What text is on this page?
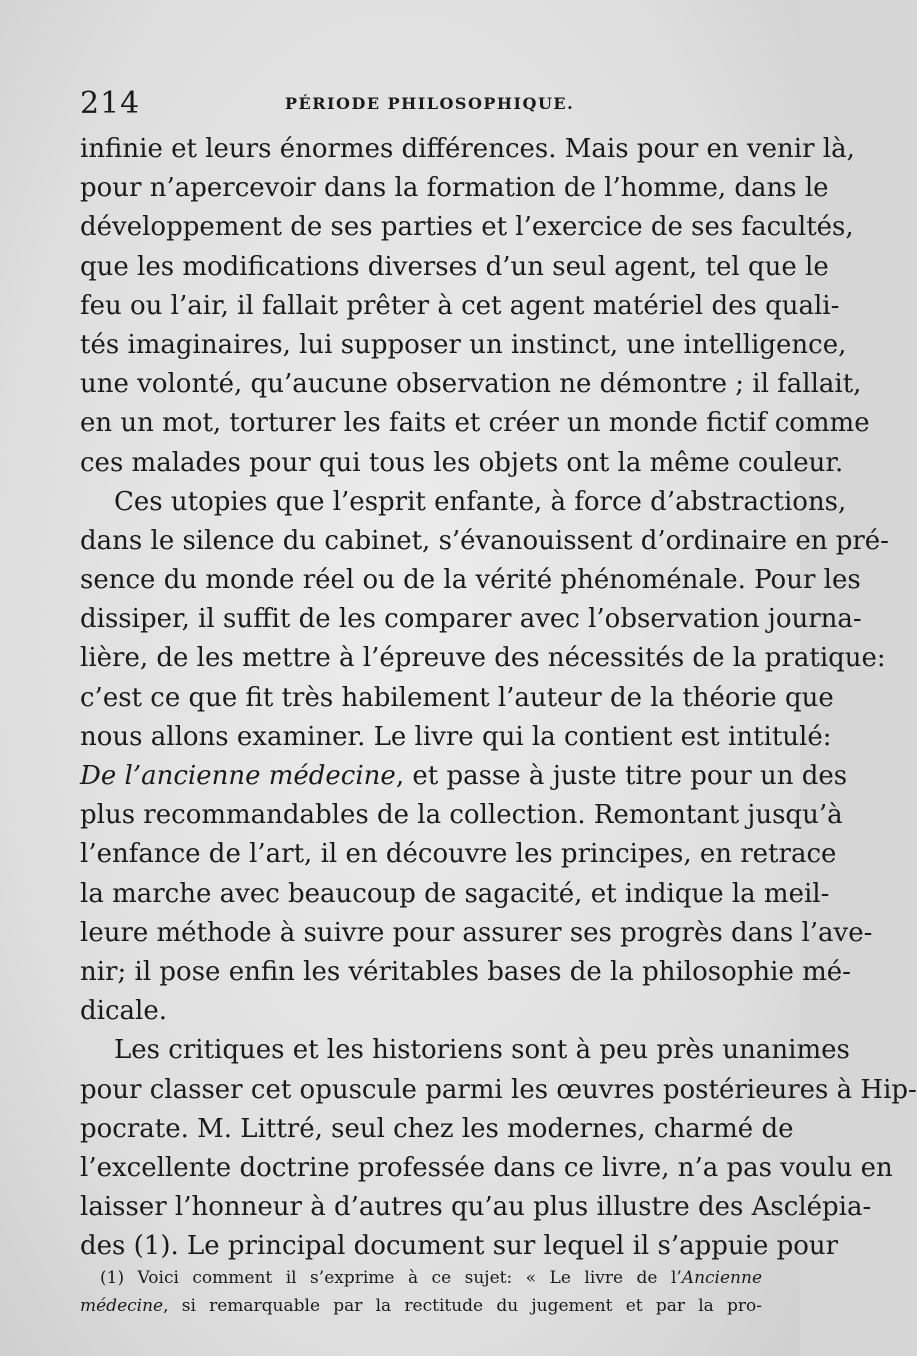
214	PÉRIODE PHILOSOPHIQUE.
infinie et leurs énormes différences. Mais pour en venir là,
pour n’apercevoir dans la formation de l’homme, dans le
développement de ses parties et l’exercice de ses facultés,
que les modifications diverses d’un seul agent, tel que le
feu ou l’air, il fallait prêter à cet agent matériel des quali-
tés imaginaires, lui supposer un instinct, une intelligence,
une volonté, qu’aucune observation ne démontre ; il fallait,
en un mot, torturer les faits et créer un monde fictif comme
ces malades pour qui tous les objets ont la même couleur.
Ces utopies que l’esprit enfante, à force d’abstractions,
dans le silence du cabinet, s’évanouissent d’ordinaire en pré-
sence du monde réel ou de la vérité phénoménale. Pour les
dissiper, il suffit de les comparer avec l’observation journa-
lière, de les mettre à l’épreuve des nécessités de la pratique:
c’est ce que fit très habilement l’auteur de la théorie que
nous allons examiner. Le livre qui la contient est intitulé:
De l’ancienne médecine, et passe à juste titre pour un des
plus recommandables de la collection. Remontant jusqu’à
l’enfance de l’art, il en découvre les principes, en retrace
la marche avec beaucoup de sagacité, et indique la meil-
leure méthode à suivre pour assurer ses progrès dans l’ave-
nir; il pose enfin les véritables bases de la philosophie mé-
dicale.
Les critiques et les historiens sont à peu près unanimes
pour classer cet opuscule parmi les œuvres postérieures à Hip-
pocrate. M. Littré, seul chez les modernes, charmé de
l’excellente doctrine professée dans ce livre, n’a pas voulu en
laisser l’honneur à d’autres qu’au plus illustre des Asclépia-
des (1). Le principal document sur lequel il s’appuie pour
(1) Voici comment il s’exprime à ce sujet: « Le livre de l’Ancienne
médecine, si remarquable par la rectitude du jugement et par la pro-
